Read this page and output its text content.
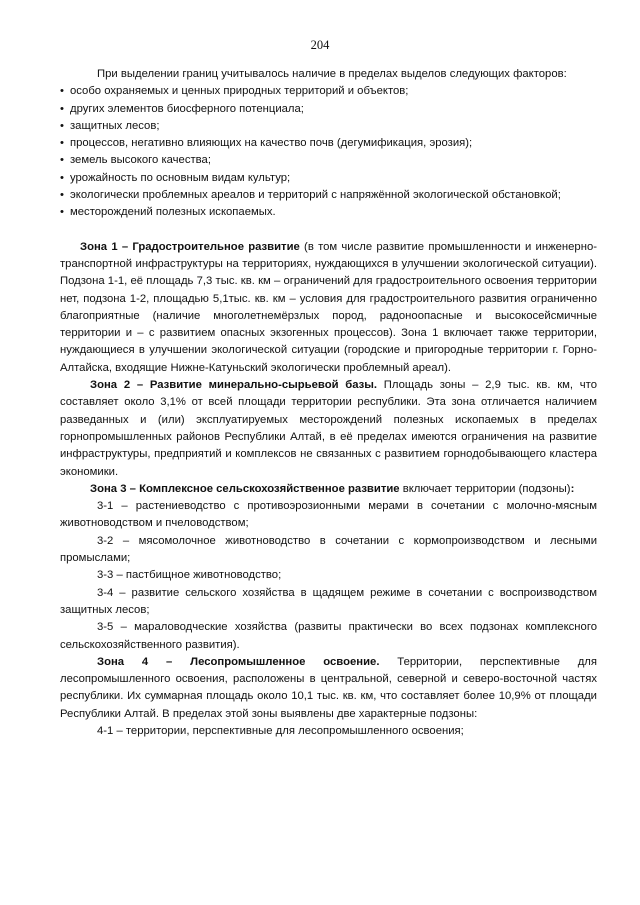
204

При выделении границ учитывалось наличие в пределах выделов следующих факторов:

• особо охраняемых и ценных природных территорий и объектов;
• других элементов биосферного потенциала;
• защитных лесов;
• процессов, негативно влияющих на качество почв (дегумификация, эрозия);
• земель высокого качества;
• урожайность по основным видам культур;
• экологически проблемных ареалов и территорий с напряжённой экологической обстановкой;
• месторождений полезных ископаемых.

Зона 1 – Градостроительное развитие (в том числе развитие промышленности и инженерно-транспортной инфраструктуры на территориях, нуждающихся в улучшении экологической ситуации). Подзона 1-1, её площадь 7,3 тыс. кв. км – ограничений для градостроительного освоения территории нет, подзона 1-2, площадью 5,1тыс. кв. км – условия для градостроительного развития ограниченно благоприятные (наличие многолетнемёрзлых пород, радоноопасные и высокосейсмичные территории и – с развитием опасных экзогенных процессов). Зона 1 включает также территории, нуждающиеся в улучшении экологической ситуации (городские и пригородные территории г. Горно-Алтайска, входящие Нижне-Катуньский экологически проблемный ареал).

Зона 2 – Развитие минерально-сырьевой базы. Площадь зоны – 2,9 тыс. кв. км, что составляет около 3,1% от всей площади территории республики. Эта зона отличается наличием разведанных и (или) эксплуатируемых месторождений полезных ископаемых в пределах горнопромышленных районов Республики Алтай, в её пределах имеются ограничения на развитие инфраструктуры, предприятий и комплексов не связанных с развитием горнодобывающего кластера экономики.

Зона 3 – Комплексное сельскохозяйственное развитие включает территории (подзоны):

3-1 – растениеводство с противоэрозионными мерами в сочетании с молочно-мясным животноводством и пчеловодством;

3-2 – мясомолочное животноводство в сочетании с кормопроизводством и лесными промыслами;

3-3 – пастбищное животноводство;

3-4 – развитие сельского хозяйства в щадящем режиме в сочетании с воспроизводством защитных лесов;

3-5 – мараловодческие хозяйства (развиты практически во всех подзонах комплексного сельскохозяйственного развития).

Зона 4 – Лесопромышленное освоение. Территории, перспективные для лесопромышленного освоения, расположены в центральной, северной и северо-восточной частях республики. Их суммарная площадь около 10,1 тыс. кв. км, что составляет более 10,9% от площади Республики Алтай. В пределах этой зоны выявлены две характерные подзоны:

4-1 – территории, перспективные для лесопромышленного освоения;
